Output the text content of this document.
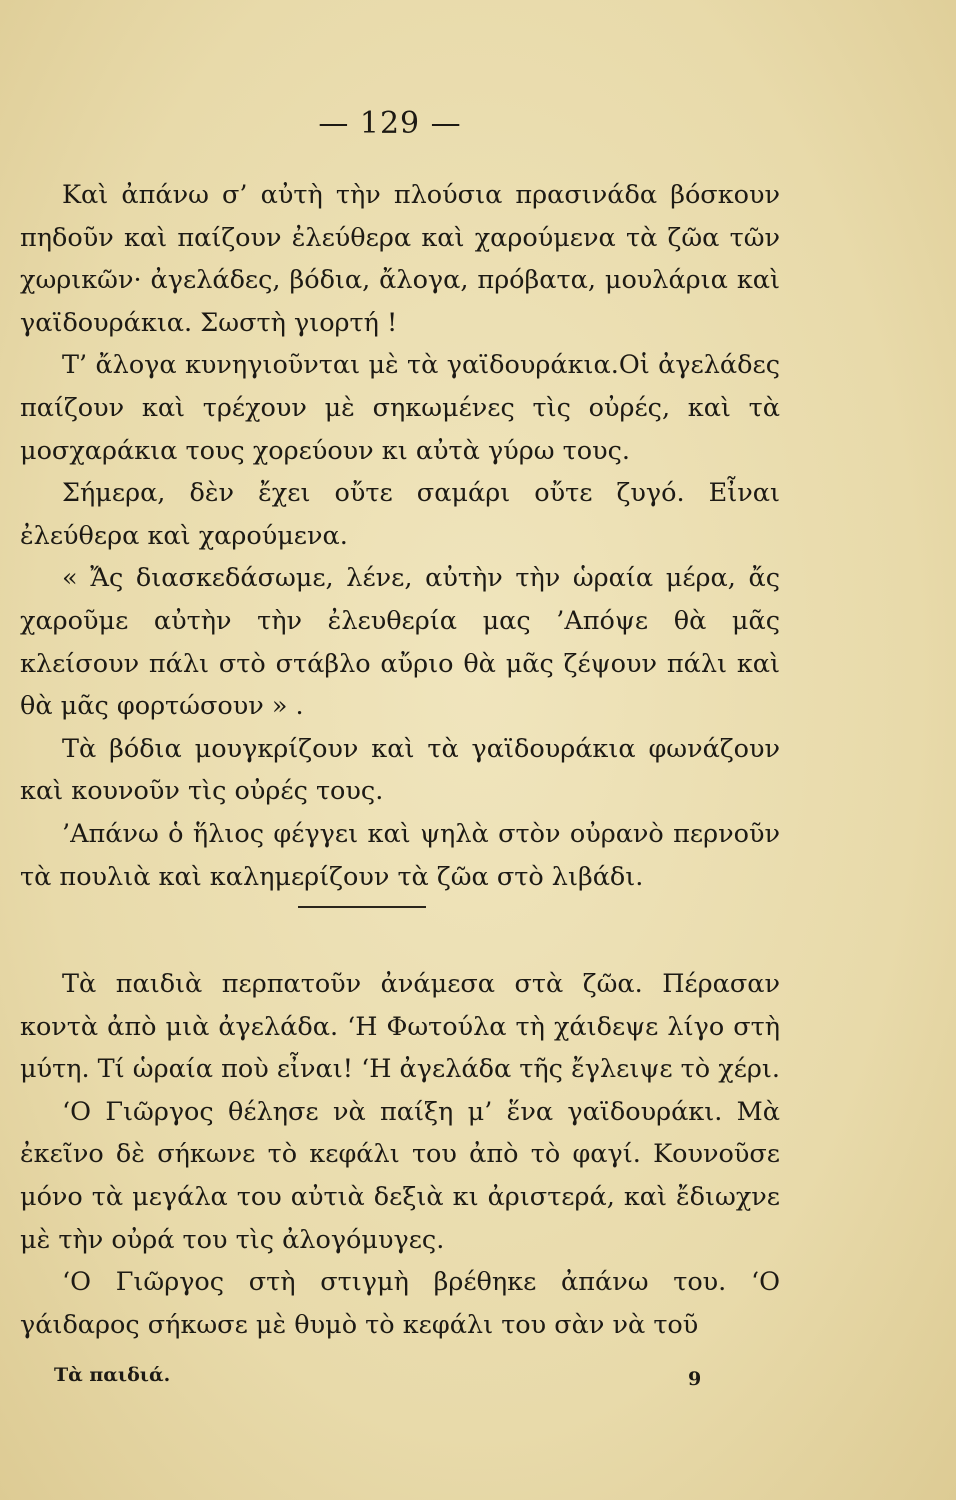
— 129 —

Καὶ ἀπάνω σ’ αὐτὴ τὴν πλούσια πρασινάδα βόσκουν πηδοῦν καὶ παίζουν ἐλεύθερα καὶ χαρούμενα τὰ ζῶα τῶν χωρικῶν· ἀγελάδες, βόδια, ἄλογα, πρόβατα, μουλάρια καὶ γαϊδουράκια. Σωστὴ γιορτή !

Τ’ ἄλογα κυνηγιοῦνται μὲ τὰ γαϊδουράκια.Οἱ ἀγελάδες παίζουν καὶ τρέχουν μὲ σηκωμένες τὶς οὐρές, καὶ τὰ μοσχαράκια τους χορεύουν κι αὐτὰ γύρω τους.

Σήμερα, δὲν ἔχει οὔτε σαμάρι οὔτε ζυγό. Εἶναι ἐλεύθερα καὶ χαρούμενα.

« Ἄς διασκεδάσωμε, λένε, αὐτὴν τὴν ὡραία μέρα, ἄς χαροῦμε αὐτὴν τὴν ἐλευθερία μας ’Απόψε θὰ μᾶς κλείσουν πάλι στὸ στάβλο αὔριο θὰ μᾶς ζέψουν πάλι καὶ θὰ μᾶς φορτώσουν » .

Τὰ βόδια μουγκρίζουν καὶ τὰ γαϊδουράκια φωνάζουν καὶ κουνοῦν τὶς οὐρές τους.

’Απάνω ὁ ἥλιος φέγγει καὶ ψηλὰ στὸν οὐρανὸ περνοῦν τὰ πουλιὰ καὶ καλημερίζουν τὰ ζῶα στὸ λιβάδι.

Τὰ παιδιὰ περπατοῦν ἀνάμεσα στὰ ζῶα. Πέρασαν κοντὰ ἀπὸ μιὰ ἀγελάδα. ‘Η Φωτούλα τὴ χάιδεψε λίγο στὴ μύτη. Τί ὡραία ποὺ εἶναι! ‘Η ἀγελάδα τῆς ἔγλειψε τὸ χέρι.

‘Ο Γιῶργος θέλησε νὰ παίξη μ’ ἕνα γαϊδουράκι. Μὰ ἐκεῖνο δὲ σήκωνε τὸ κεφάλι του ἀπὸ τὸ φαγί. Κουνοῦσε μόνο τὰ μεγάλα του αὐτιὰ δεξιὰ κι ἀριστερά, καὶ ἔδιωχνε μὲ τὴν οὐρά του τὶς ἀλογόμυγες.

‘Ο Γιῶργος στὴ στιγμὴ βρέθηκε ἀπάνω του. ‘Ο γάιδαρος σήκωσε μὲ θυμὸ τὸ κεφάλι του σὰν νὰ τοῦ

Τὰ παιδιά.	9
